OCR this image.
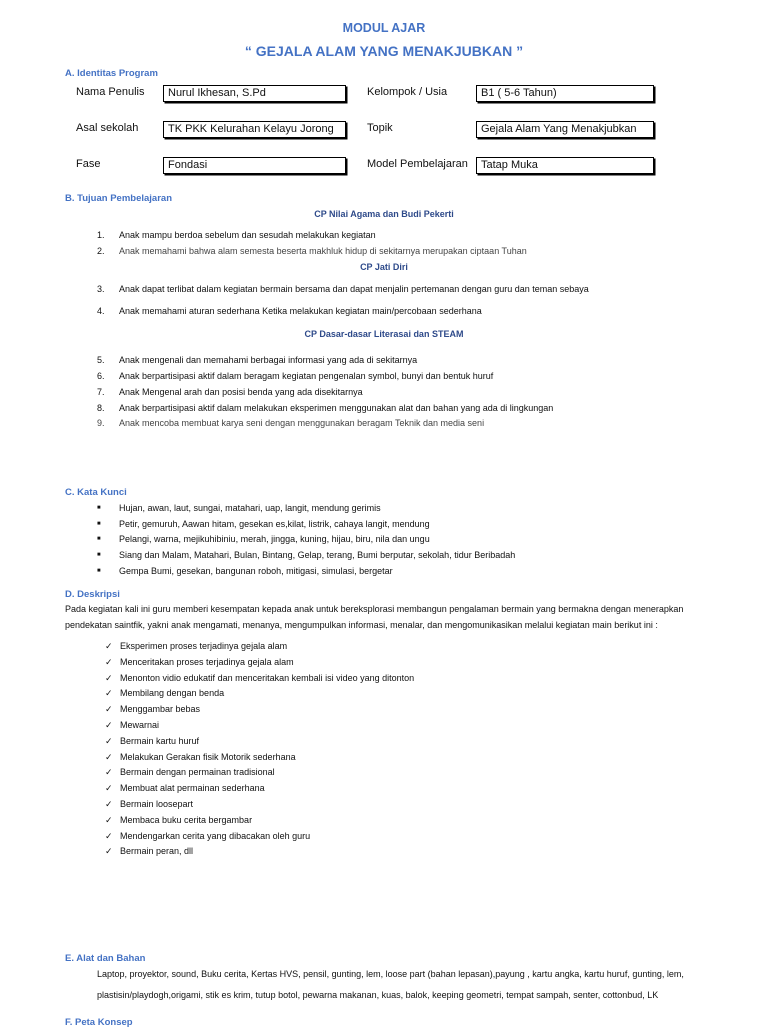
MODUL AJAR
“ GEJALA ALAM YANG MENAKJUBKAN ”
A. Identitas Program
Nama Penulis	Nurul Ikhesan, S.Pd	Kelompok / Usia	B1 ( 5-6 Tahun)
Asal sekolah	TK PKK Kelurahan Kelayu Jorong	Topik	Gejala Alam Yang Menakjubkan
Fase	Fondasi	Model Pembelajaran	Tatap Muka
B. Tujuan Pembelajaran
CP Nilai Agama dan Budi Pekerti
1. Anak mampu berdoa sebelum dan sesudah melakukan kegiatan
2. Anak memahami bahwa alam semesta beserta makhluk hidup di sekitarnya merupakan ciptaan Tuhan
CP Jati Diri
3. Anak dapat terlibat dalam kegiatan bermain bersama dan dapat menjalin pertemanan dengan guru dan teman sebaya
4. Anak memahami aturan sederhana Ketika melakukan kegiatan main/percobaan sederhana
CP Dasar-dasar Literasai dan STEAM
5. Anak mengenali dan memahami berbagai informasi yang ada di sekitarnya
6. Anak berpartisipasi aktif dalam beragam kegiatan pengenalan symbol, bunyi dan bentuk huruf
7. Anak Mengenal arah dan posisi benda yang ada disekitarnya
8. Anak berpartisipasi aktif dalam melakukan eksperimen menggunakan alat dan bahan yang ada di lingkungan
9. Anak mencoba membuat karya seni dengan menggunakan beragam Teknik dan media seni
C. Kata Kunci
■ Hujan, awan, laut, sungai, matahari, uap, langit, mendung gerimis
■ Petir, gemuruh, Aawan hitam, gesekan es,kilat, listrik, cahaya langit, mendung
■ Pelangi, warna, mejikuhibiniu, merah, jingga, kuning, hijau, biru, nila dan ungu
■ Siang dan Malam, Matahari, Bulan, Bintang, Gelap, terang, Bumi berputar, sekolah, tidur Beribadah
■ Gempa Bumi, gesekan, bangunan roboh, mitigasi, simulasi, bergetar
D. Deskripsi
Pada kegiatan kali ini guru memberi kesempatan kepada anak untuk bereksplorasi membangun pengalaman bermain yang bermakna dengan menerapkan
pendekatan saintfik, yakni anak mengamati, menanya, mengumpulkan informasi, menalar, dan mengomunikasikan melalui kegiatan main berikut ini :
✓ Eksperimen proses terjadinya gejala alam
✓ Menceritakan proses terjadinya gejala alam
✓ Menonton vidio edukatif dan menceritakan kembali isi video yang ditonton
✓ Membilang dengan benda
✓ Menggambar bebas
✓ Mewarnai
✓ Bermain kartu huruf
✓ Melakukan Gerakan fisik Motorik sederhana
✓ Bermain dengan permainan tradisional
✓ Membuat alat permainan sederhana
✓ Bermain loosepart
✓ Membaca buku cerita bergambar
✓ Mendengarkan cerita yang dibacakan oleh guru
✓ Bermain peran, dll
E. Alat dan Bahan
Laptop, proyektor, sound, Buku cerita, Kertas HVS, pensil, gunting, lem, loose part (bahan lepasan),payung , kartu angka, kartu huruf, gunting, lem,
plastisin/playdogh,origami, stik es krim, tutup botol, pewarna makanan, kuas, balok, keeping geometri, tempat sampah, senter, cottonbud, LK
F. Peta Konsep
